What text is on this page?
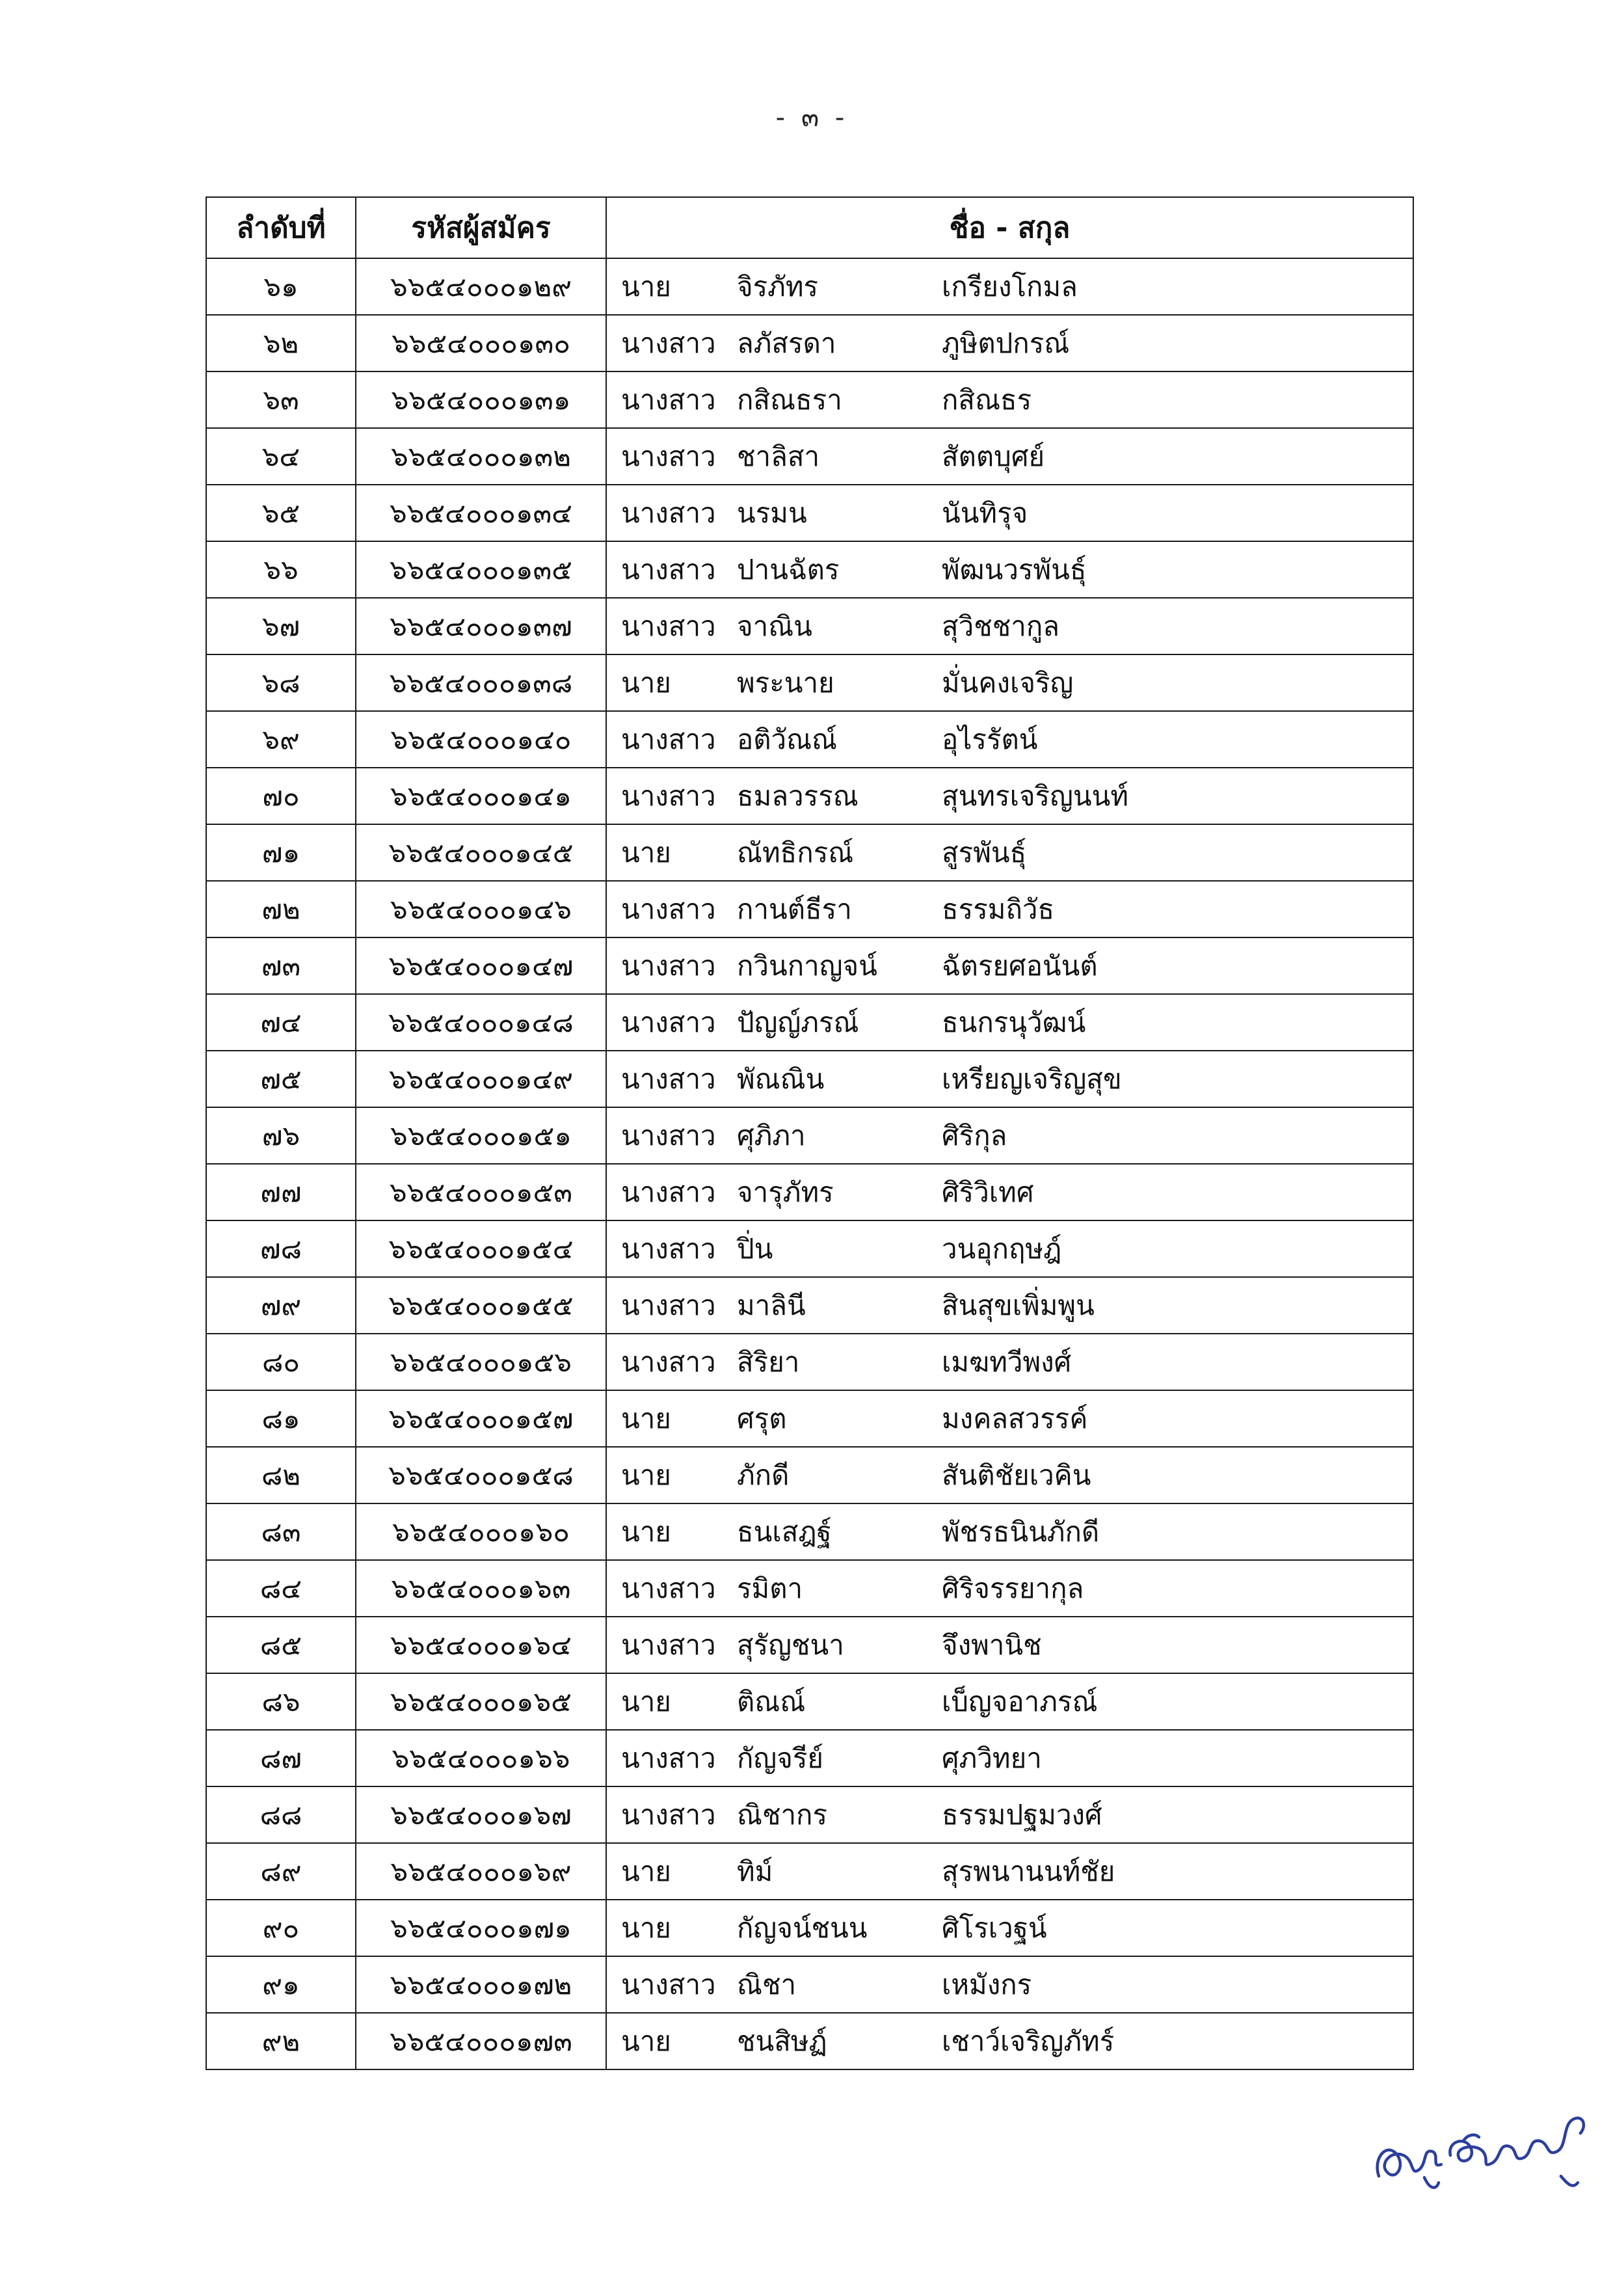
- ๓ -
ลำดับที่	รหัสผู้สมัคร	ชื่อ - สกุล
๖๑	๖๖๕๔๐๐๐๑๒๙	นาย จิรภัทร เกรียงโกมล

๖๒	๖๖๕๔๐๐๐๑๓๐	นางสาว ลภัสรดา ภูษิตปกรณ์

๖๓	๖๖๕๔๐๐๐๑๓๑	นางสาว กสิณธรา กสิณธร

๖๔	๖๖๕๔๐๐๐๑๓๒	นางสาว ชาลิสา สัตตบุศย์

๖๕	๖๖๕๔๐๐๐๑๓๔	นางสาว นรมน นันทิรุจ

๖๖	๖๖๕๔๐๐๐๑๓๕	นางสาว ปานฉัตร พัฒนวรพันธุ์

๖๗	๖๖๕๔๐๐๐๑๓๗	นางสาว จาณิน สุวิชชากูล

๖๘	๖๖๕๔๐๐๐๑๓๘	นาย พระนาย มั่นคงเจริญ

๖๙	๖๖๕๔๐๐๐๑๔๐	นางสาว อติวัณณ์ อุไรรัตน์

๗๐	๖๖๕๔๐๐๐๑๔๑	นางสาว ธมลวรรณ สุนทรเจริญนนท์

๗๑	๖๖๕๔๐๐๐๑๔๕	นาย ณัทธิกรณ์ สูรพันธุ์

๗๒	๖๖๕๔๐๐๐๑๔๖	นางสาว กานต์ธีรา ธรรมถิวัธ

๗๓	๖๖๕๔๐๐๐๑๔๗	นางสาว กวินกาญจน์ ฉัตรยศอนันต์

๗๔	๖๖๕๔๐๐๐๑๔๘	นางสาว ปัญญ์ภรณ์ ธนกรนุวัฒน์

๗๕	๖๖๕๔๐๐๐๑๔๙	นางสาว พัณณิน เหรียญเจริญสุข

๗๖	๖๖๕๔๐๐๐๑๕๑	นางสาว ศุภิภา ศิริกุล

๗๗	๖๖๕๔๐๐๐๑๕๓	นางสาว จารุภัทร ศิริวิเทศ

๗๘	๖๖๕๔๐๐๐๑๕๔	นางสาว ปิ่น วนอุกฤษฎ์

๗๙	๖๖๕๔๐๐๐๑๕๕	นางสาว มาลินี สินสุขเพิ่มพูน

๘๐	๖๖๕๔๐๐๐๑๕๖	นางสาว สิริยา เมฆทวีพงศ์

๘๑	๖๖๕๔๐๐๐๑๕๗	นาย ศรุต มงคลสวรรค์

๘๒	๖๖๕๔๐๐๐๑๕๘	นาย ภักดี สันติชัยเวคิน

๘๓	๖๖๕๔๐๐๐๑๖๐	นาย ธนเสฎฐ์ พัชรธนินภักดี

๘๔	๖๖๕๔๐๐๐๑๖๓	นางสาว รมิตา ศิริจรรยากุล

๘๕	๖๖๕๔๐๐๐๑๖๔	นางสาว สุรัญชนา จึงพานิช

๘๖	๖๖๕๔๐๐๐๑๖๕	นาย ติณณ์ เบ็ญจอาภรณ์

๘๗	๖๖๕๔๐๐๐๑๖๖	นางสาว กัญจรีย์ ศุภวิทยา

๘๘	๖๖๕๔๐๐๐๑๖๗	นางสาว ณิชากร ธรรมปฐมวงศ์

๘๙	๖๖๕๔๐๐๐๑๖๙	นาย ทิม์ สุรพนานนท์ชัย

๙๐	๖๖๕๔๐๐๐๑๗๑	นาย กัญจน์ชนน ศิโรเวฐน์

๙๑	๖๖๕๔๐๐๐๑๗๒	นางสาว ณิชา เหมังกร

๙๒	๖๖๕๔๐๐๐๑๗๓	นาย ชนสิษฏ์ เชาว์เจริญภัทร์
